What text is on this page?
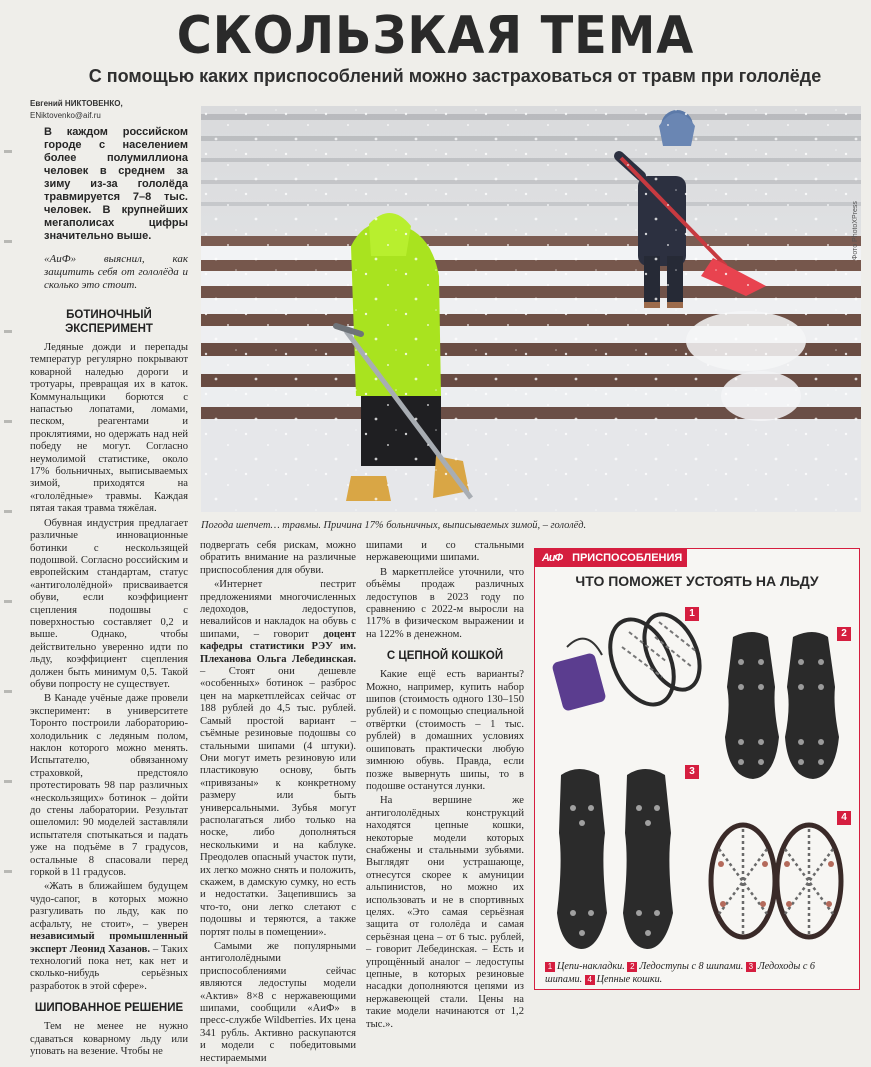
СКОЛЬЗКАЯ ТЕМА
С помощью каких приспособлений можно застраховаться от травм при гололёде
Евгений НИКТОВЕНКО,
ENiktovenko@aif.ru

В каждом российском городе с населением более полумиллиона человек в среднем за зиму из-за гололёда травмируется 7–8 тыс. человек. В крупнейших мегаполисах цифры значительно выше.

«АиФ» выяснил, как защитить себя от гололёда и сколько это стоит.

БОТИНОЧНЫЙ ЭКСПЕРИМЕНТ

Ледяные дожди и перепады температур регулярно покрывают коварной наледью дороги и тротуары, превращая их в каток. Коммунальщики борются с напастью лопатами, ломами, песком, реагентами и проклятиями, но одержать над ней победу не могут. Согласно неумолимой статистике, около 17% больничных, выписываемых зимой, приходятся на «гололёдные» травмы. Каждая пятая такая травма тяжёлая.

Обувная индустрия предлагает различные инновационные ботинки с нескользящей подошвой. Согласно российским и европейским стандартам, статус «антигололёдной» присваивается обуви, если коэффициент сцепления подошвы с поверхностью составляет 0,2 и выше. Однако, чтобы действительно уверенно идти по льду, коэффициент сцепления должен быть минимум 0,5. Такой обуви попросту не существует.

В Канаде учёные даже провели эксперимент: в университете Торонто построили лабораторию-холодильник с ледяным полом, наклон которого можно менять. Испытателю, обвязанному страховкой, предстояло протестировать 98 пар различных «нескользящих» ботинок – дойти до стены лаборатории. Результат ошеломил: 90 моделей заставляли испытателя спотыкаться и падать уже на подъёме в 7 градусов, остальные 8 спасовали перед горкой в 11 градусов.

«Жать в ближайшем будущем чудо-сапог, в которых можно разгуливать по льду, как по асфальту, не стоит», – уверен независимый промышленный эксперт Леонид Хазанов. – Таких технологий пока нет, как нет и сколько-нибудь серьёзных разработок в этой сфере».

ШИПОВАННОЕ РЕШЕНИЕ

Тем не менее не нужно сдаваться коварному льду или уповать на везение. Чтобы не

Фото PhotoXPress
Погода шепчет… травмы. Причина 17% больничных, выписываемых зимой, – гололёд.

подвергать себя рискам, можно обратить внимание на различные приспособления для обуви.

«Интернет пестрит предложениями многочисленных ледоходов, ледоступов, невалийсов и накладок на обувь с шипами, – говорит доцент кафедры статистики РЭУ им. Плеханова Ольга Лебединская. – Стоят они дешевле «особенных» ботинок – разброс цен на маркетплейсах сейчас от 188 рублей до 4,5 тыс. рублей. Самый простой вариант – съёмные резиновые подошвы со стальными шипами (4 штуки). Они могут иметь резиновую или пластиковую основу, быть «привязаны» к конкретному размеру или быть универсальными. Зубья могут располагаться либо только на носке, либо дополняться несколькими и на каблуке. Преодолев опасный участок пути, их легко можно снять и положить, скажем, в дамскую сумку, но есть и недостатки. Зацепившись за что-то, они легко слетают с подошвы и теряются, а также портят полы в помещении».

Самыми же популярными антигололёдными приспособлениями сейчас являются ледоступы модели «Актив» 8×8 с нержавеющими шипами, сообщили «АиФ» в пресс-службе Wildberries. Их цена 341 рубль. Активно раскупаются и модели с победитовыми нестираемыми

шипами и со стальными нержавеющими шипами.

В маркетплейсе уточнили, что объёмы продаж различных ледоступов в 2023 году по сравнению с 2022-м выросли на 117% в физическом выражении и на 122% в денежном.

С ЦЕПНОЙ КОШКОЙ

Какие ещё есть варианты? Можно, например, купить набор шипов (стоимость одного 130–150 рублей) и с помощью специальной отвёртки (стоимость – 1 тыс. рублей) в домашних условиях ошиповать практически любую зимнюю обувь. Правда, если позже вывернуть шипы, то в подошве останутся лунки.

На вершине же антигололёдных конструкций находятся цепные кошки, некоторые модели которых снабжены и стальными зубьями. Выглядят они устрашающе, отнесутся скорее к амуниции альпинистов, но можно их использовать и не в спортивных целях. «Это самая серьёзная защита от гололёда и самая серьёзная цена – от 6 тыс. рублей, – говорит Лебединская. – Есть и упрощённый аналог – ледоступы цепные, в которых резиновые насадки дополняются цепями из нержавеющей стали. Цены на такие модели начинаются от 1,2 тыс.».

АиФ ПРИСПОСОБЛЕНИЯ
ЧТО ПОМОЖЕТ УСТОЯТЬ НА ЛЬДУ
1
2
3
4
1 Цепи-накладки. 2 Ледоступы с 8 шипами. 3 Ледоходы с 6 шипами. 4 Цепные кошки.
